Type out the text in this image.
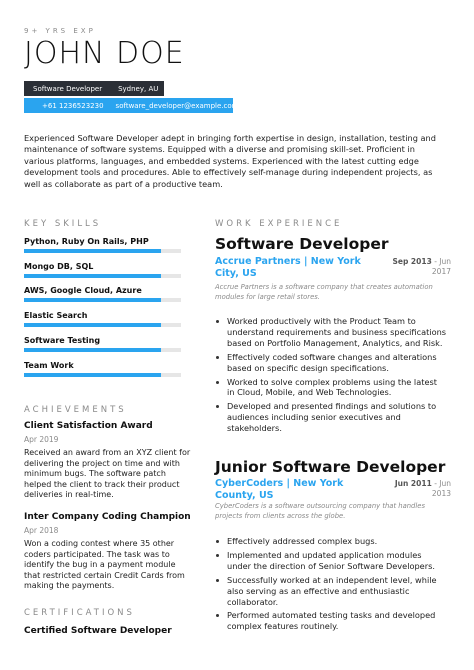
9+ YRS EXP
JOHN DOE
Software Developer Sydney, AU
+61 1236523230 software_developer@example.com
Experienced Software Developer adept in bringing forth expertise in design, installation, testing and maintenance of software systems. Equipped with a diverse and promising skill-set. Proficient in various platforms, languages, and embedded systems. Experienced with the latest cutting edge development tools and procedures. Able to effectively self-manage during independent projects, as well as collaborate as part of a productive team.
KEY SKILLS
Python, Ruby On Rails, PHP
Mongo DB, SQL
AWS, Google Cloud, Azure
Elastic Search
Software Testing
Team Work
ACHIEVEMENTS
Client Satisfaction Award
Apr 2019
Received an award from an XYZ client for delivering the project on time and with minimum bugs. The software patch helped the client to track their product deliveries in real-time.
Inter Company Coding Champion
Apr 2018
Won a coding contest where 35 other coders participated. The task was to identify the bug in a payment module that restricted certain Credit Cards from making the payments.
CERTIFICATIONS
Certified Software Developer
WORK EXPERIENCE
Software Developer
Accrue Partners | New York City, US
Sep 2013 - Jun 2017
Accrue Partners is a software company that creates automation modules for large retail stores.
Worked productively with the Product Team to understand requirements and business specifications based on Portfolio Management, Analytics, and Risk.
Effectively coded software changes and alterations based on specific design specifications.
Worked to solve complex problems using the latest in Cloud, Mobile, and Web Technologies.
Developed and presented findings and solutions to audiences including senior executives and stakeholders.
Junior Software Developer
CyberCoders | New York County, US
Jun 2011 - Jun 2013
CyberCoders is a software outsourcing company that handles projects from clients across the globe.
Effectively addressed complex bugs.
Implemented and updated application modules under the direction of Senior Software Developers.
Successfully worked at an independent level, while also serving as an effective and enthusiastic collaborator.
Performed automated testing tasks and developed complex features routinely.
